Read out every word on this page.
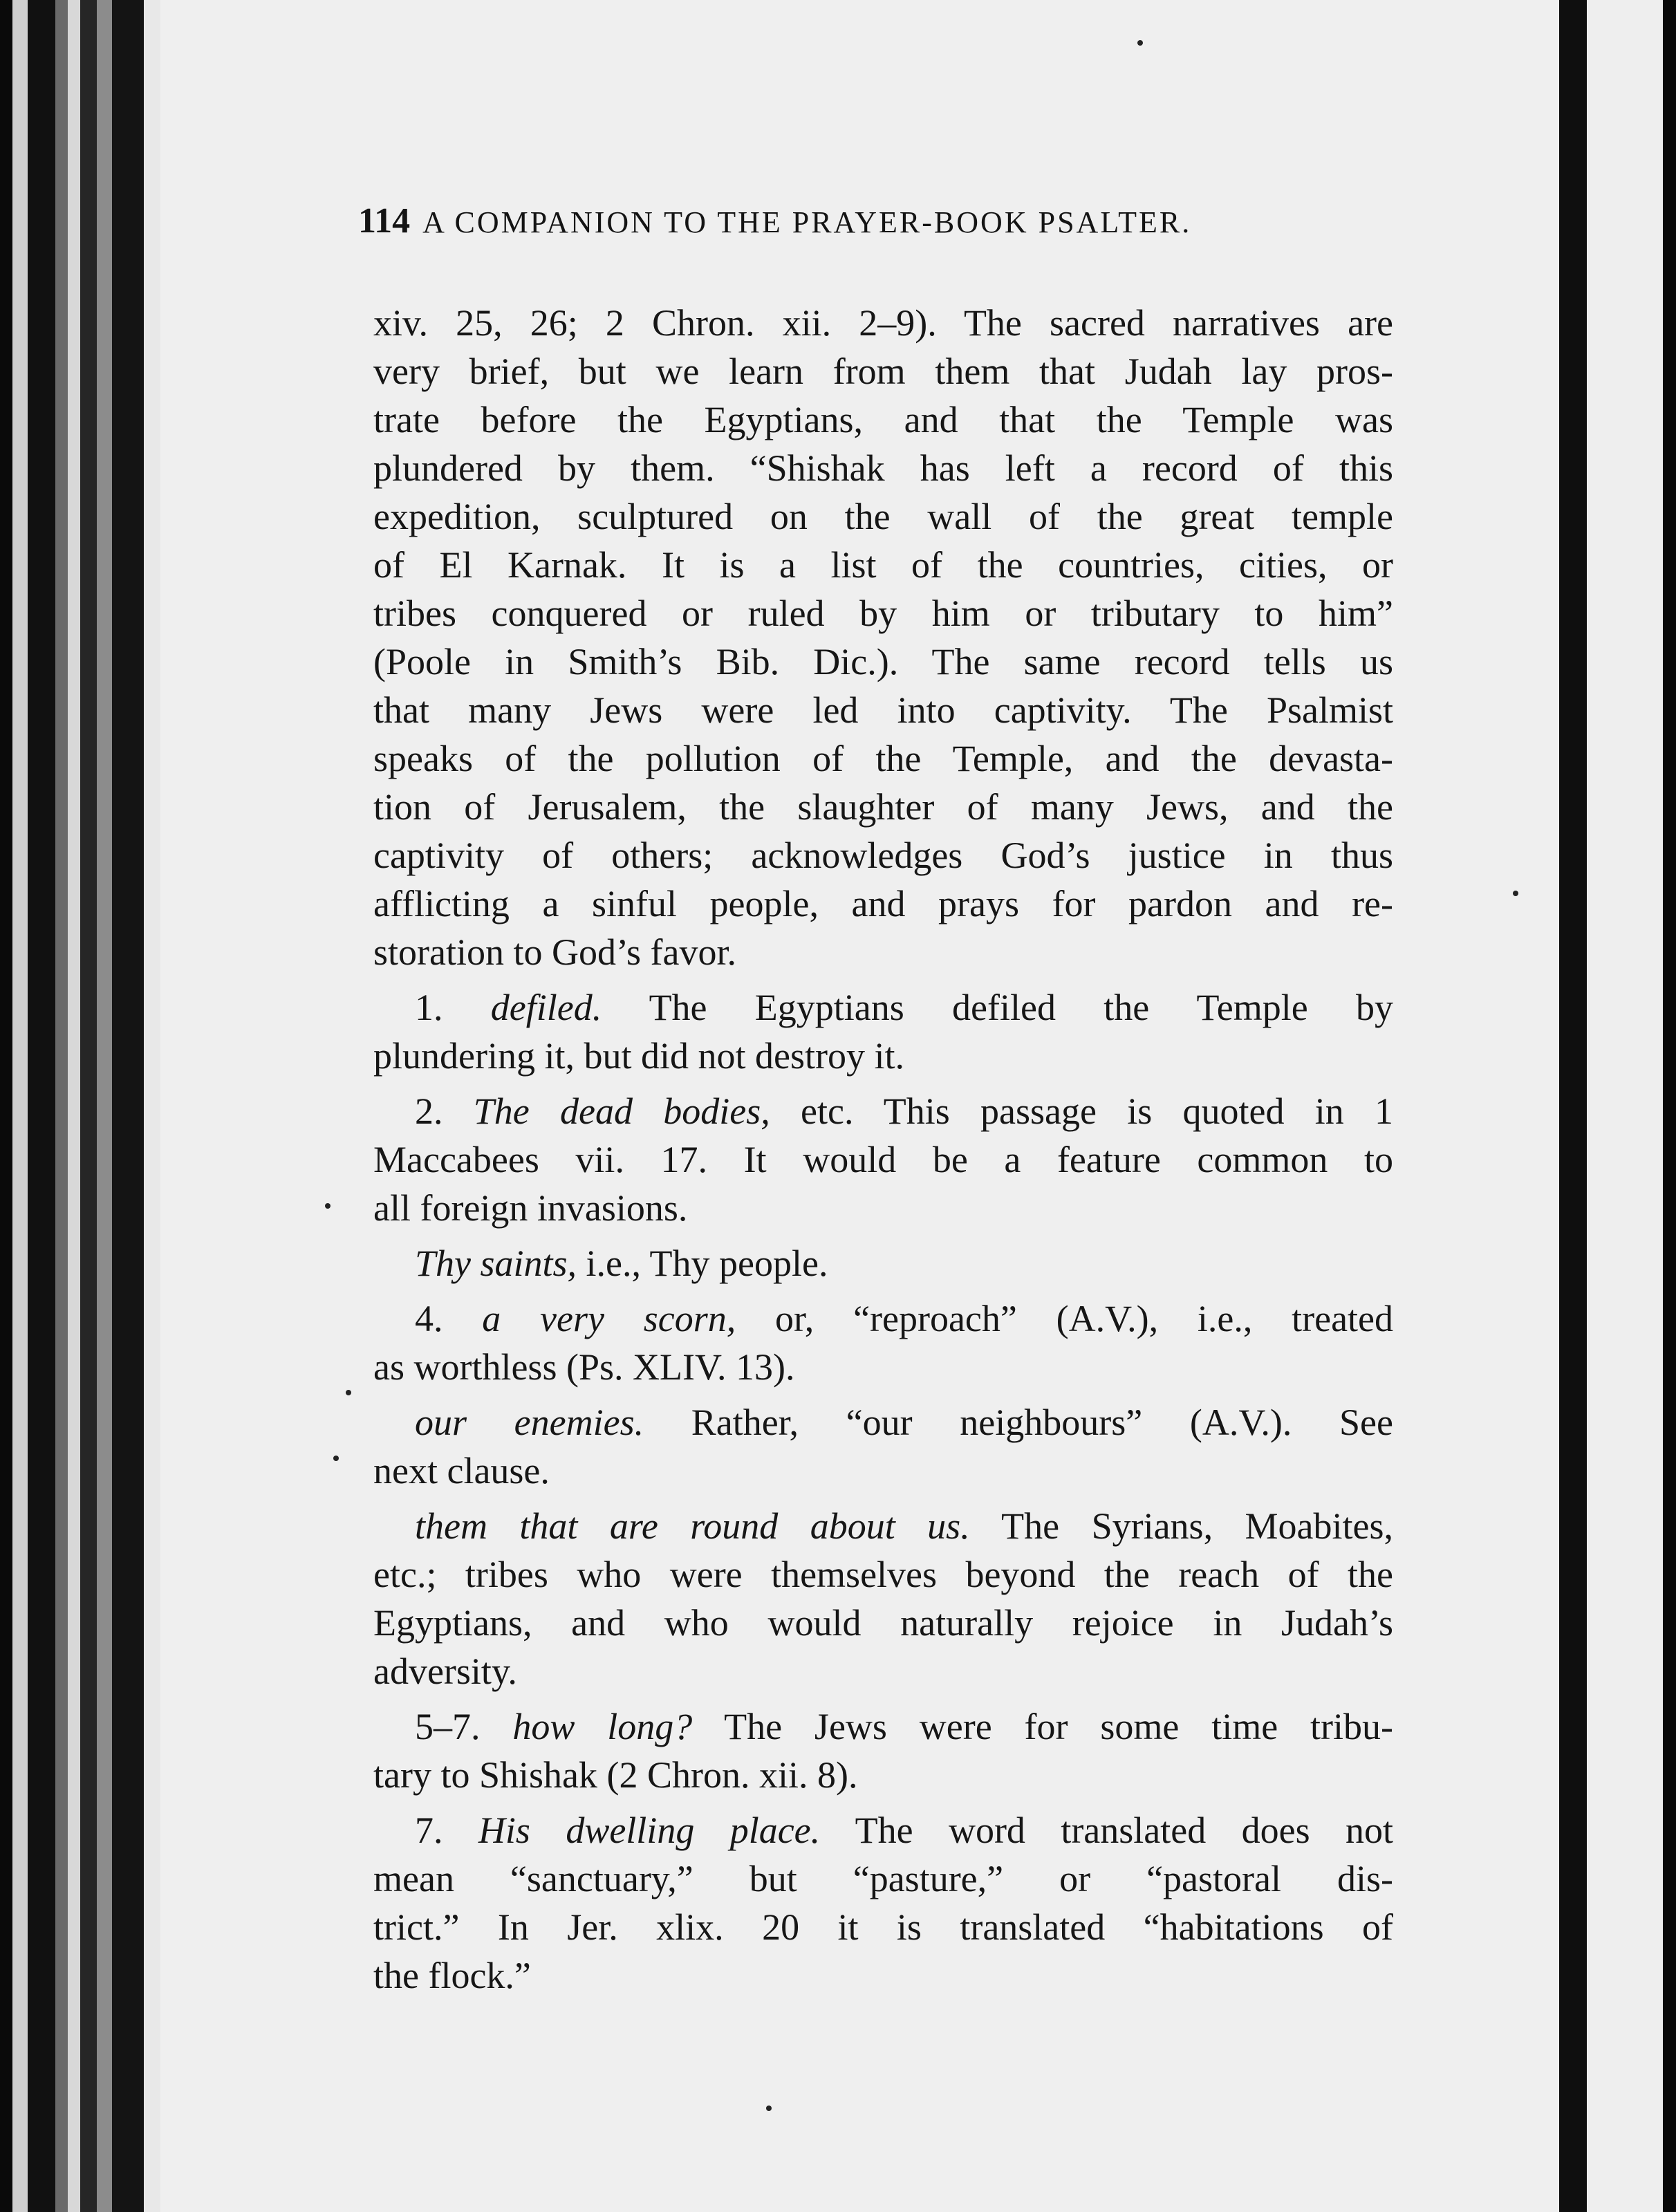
114 A COMPANION TO THE PRAYER-BOOK PSALTER.
xiv. 25, 26; 2 Chron. xii. 2–9). The sacred narratives are
very brief, but we learn from them that Judah lay pros-
trate before the Egyptians, and that the Temple was
plundered by them. “Shishak has left a record of this
expedition, sculptured on the wall of the great temple
of El Karnak. It is a list of the countries, cities, or
tribes conquered or ruled by him or tributary to him”
(Poole in Smith’s Bib. Dic.). The same record tells us
that many Jews were led into captivity. The Psalmist
speaks of the pollution of the Temple, and the devasta-
tion of Jerusalem, the slaughter of many Jews, and the
captivity of others; acknowledges God’s justice in thus
afflicting a sinful people, and prays for pardon and re-
storation to God’s favor.
1. defiled. The Egyptians defiled the Temple by
plundering it, but did not destroy it.
2. The dead bodies, etc. This passage is quoted in 1
Maccabees vii. 17. It would be a feature common to
all foreign invasions.
Thy saints, i.e., Thy people.
4. a very scorn, or, “reproach” (A.V.), i.e., treated
as worthless (Ps. XLIV. 13).
our enemies. Rather, “our neighbours” (A.V.). See
next clause.
them that are round about us. The Syrians, Moabites,
etc.; tribes who were themselves beyond the reach of the
Egyptians, and who would naturally rejoice in Judah’s
adversity.
5–7. how long? The Jews were for some time tribu-
tary to Shishak (2 Chron. xii. 8).
7. His dwelling place. The word translated does not
mean “sanctuary,” but “pasture,” or “pastoral dis-
trict.” In Jer. xlix. 20 it is translated “habitations of
the flock.”
